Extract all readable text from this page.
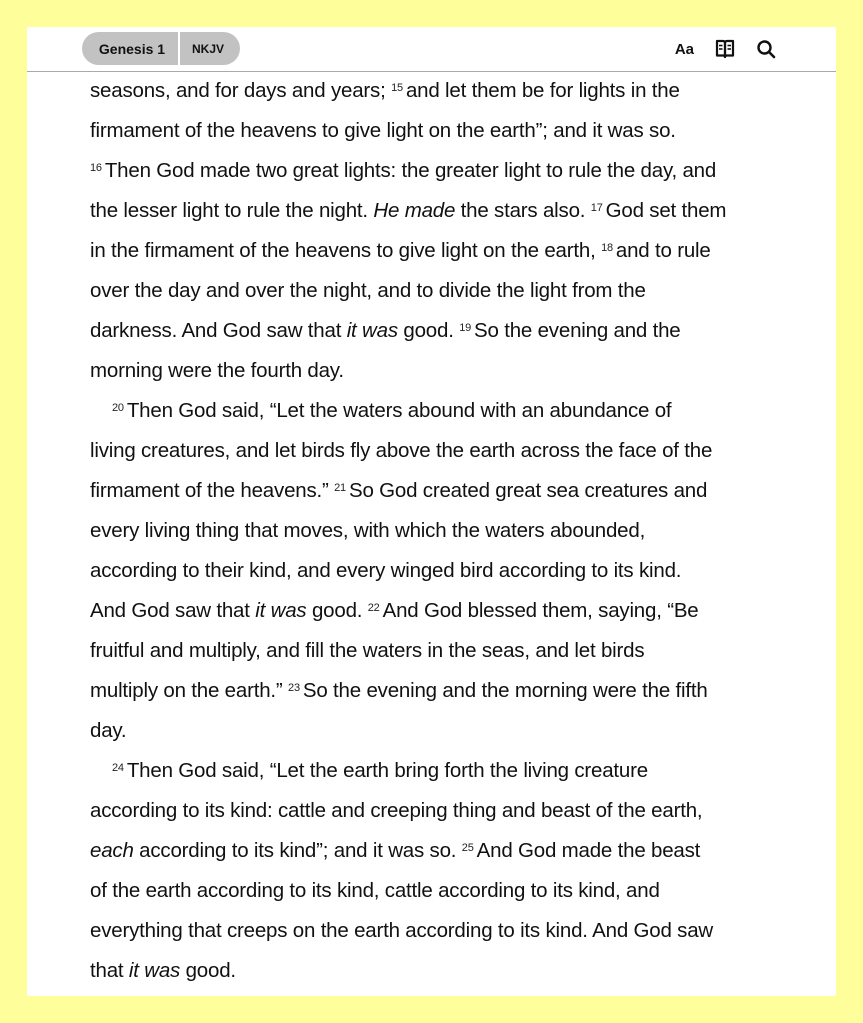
Genesis 1	NKJV	Aa
seasons, and for days and years; $^{15}$ and let them be for lights in the
firmament of the heavens to give light on the earth”; and it was so.
$^{16}$ Then God made two great lights: the greater light to rule the day, and
the lesser light to rule the night. He made the stars also. $^{17}$ God set them
in the firmament of the heavens to give light on the earth, $^{18}$ and to rule
over the day and over the night, and to divide the light from the
darkness. And God saw that it was good. $^{19}$ So the evening and the
morning were the fourth day.
$^{20}$ Then God said, “Let the waters abound with an abundance of
living creatures, and let birds fly above the earth across the face of the
firmament of the heavens.” $^{21}$ So God created great sea creatures and
every living thing that moves, with which the waters abounded,
according to their kind, and every winged bird according to its kind.
And God saw that it was good. $^{22}$ And God blessed them, saying, “Be
fruitful and multiply, and fill the waters in the seas, and let birds
multiply on the earth.” $^{23}$ So the evening and the morning were the fifth
day.
$^{24}$ Then God said, “Let the earth bring forth the living creature
according to its kind: cattle and creeping thing and beast of the earth,
each according to its kind”; and it was so. $^{25}$ And God made the beast
of the earth according to its kind, cattle according to its kind, and
everything that creeps on the earth according to its kind. And God saw
that it was good.
